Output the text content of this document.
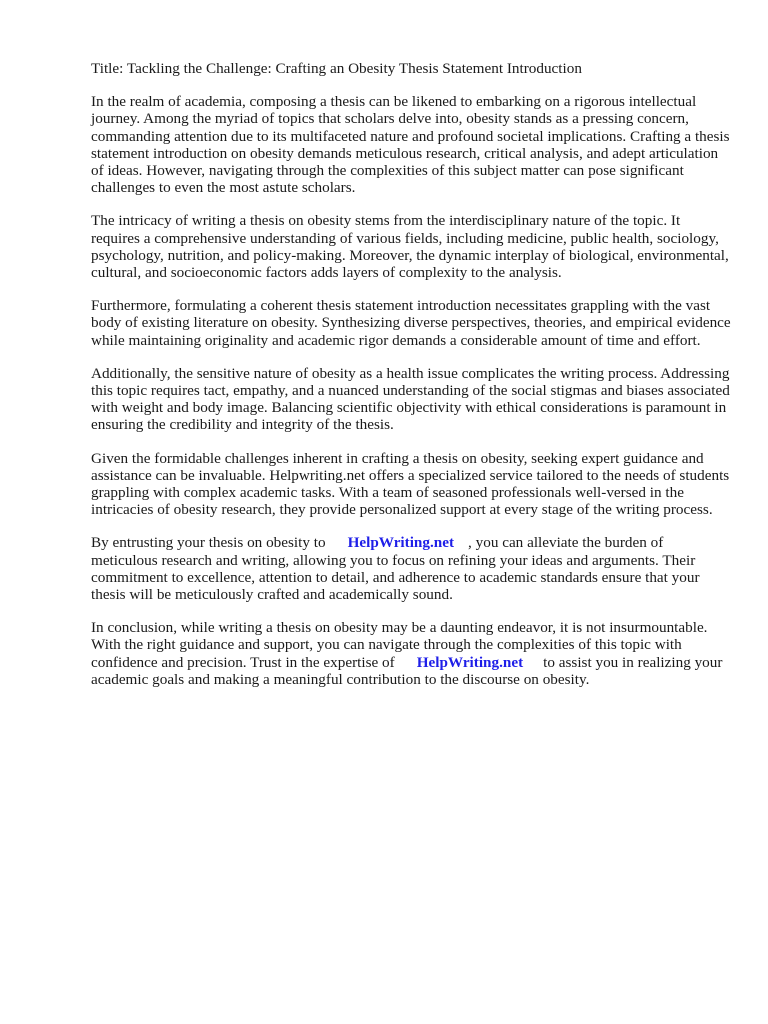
Title: Tackling the Challenge: Crafting an Obesity Thesis Statement Introduction

In the realm of academia, composing a thesis can be likened to embarking on a rigorous intellectual journey. Among the myriad of topics that scholars delve into, obesity stands as a pressing concern, commanding attention due to its multifaceted nature and profound societal implications. Crafting a thesis statement introduction on obesity demands meticulous research, critical analysis, and adept articulation of ideas. However, navigating through the complexities of this subject matter can pose significant challenges to even the most astute scholars.

The intricacy of writing a thesis on obesity stems from the interdisciplinary nature of the topic. It requires a comprehensive understanding of various fields, including medicine, public health, sociology, psychology, nutrition, and policy-making. Moreover, the dynamic interplay of biological, environmental, cultural, and socioeconomic factors adds layers of complexity to the analysis.

Furthermore, formulating a coherent thesis statement introduction necessitates grappling with the vast body of existing literature on obesity. Synthesizing diverse perspectives, theories, and empirical evidence while maintaining originality and academic rigor demands a considerable amount of time and effort.

Additionally, the sensitive nature of obesity as a health issue complicates the writing process. Addressing this topic requires tact, empathy, and a nuanced understanding of the social stigmas and biases associated with weight and body image. Balancing scientific objectivity with ethical considerations is paramount in ensuring the credibility and integrity of the thesis.

Given the formidable challenges inherent in crafting a thesis on obesity, seeking expert guidance and assistance can be invaluable. Helpwriting.net offers a specialized service tailored to the needs of students grappling with complex academic tasks. With a team of seasoned professionals well-versed in the intricacies of obesity research, they provide personalized support at every stage of the writing process.

By entrusting your thesis on obesity to HelpWriting.net , you can alleviate the burden of meticulous research and writing, allowing you to focus on refining your ideas and arguments. Their commitment to excellence, attention to detail, and adherence to academic standards ensure that your thesis will be meticulously crafted and academically sound.

In conclusion, while writing a thesis on obesity may be a daunting endeavor, it is not insurmountable. With the right guidance and support, you can navigate through the complexities of this topic with confidence and precision. Trust in the expertise of HelpWriting.net to assist you in realizing your academic goals and making a meaningful contribution to the discourse on obesity.
